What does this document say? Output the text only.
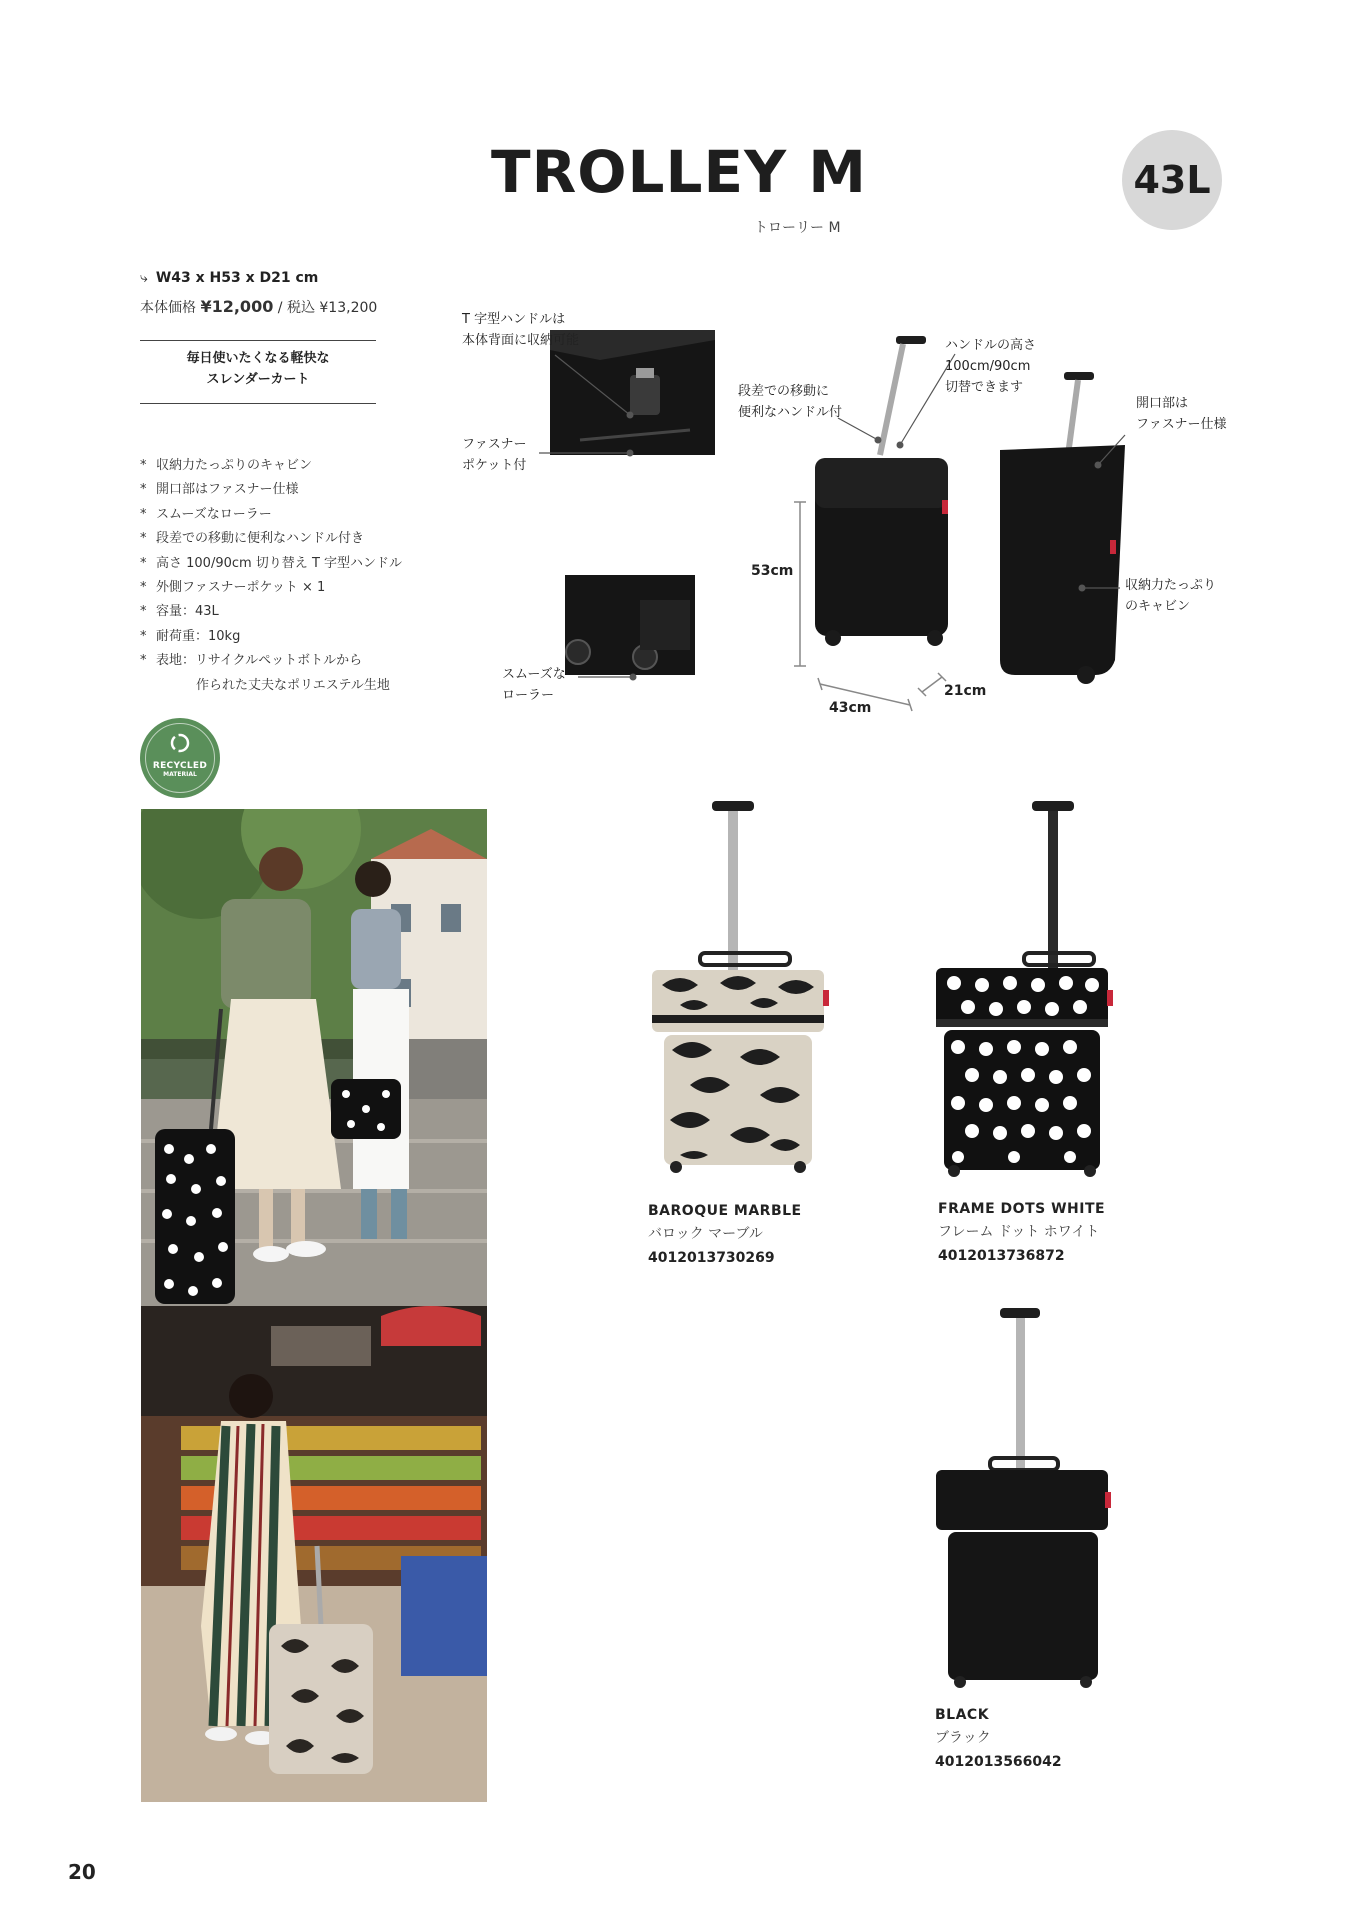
TROLLEY M
トローリー M
43L
⤷ W43 x H53 x D21 cm
本体価格 ¥12,000 / 税込 ¥13,200
毎日使いたくなる軽快な
スレンダーカート
* 収納力たっぷりのキャビン
* 開口部はファスナー仕様
* スムーズなローラー
* 段差での移動に便利なハンドル付き
* 高さ 100/90cm 切り替え T 字型ハンドル
* 外側ファスナーポケット × 1
* 容量：43L
* 耐荷重：10kg
* 表地：リサイクルペットボトルから
作られた丈夫なポリエステル生地
RECYCLED
MATERIAL
T 字型ハンドルは
本体背面に収納可能
ファスナー
ポケット付
スムーズな
ローラー
段差での移動に
便利なハンドル付
ハンドルの高さ
100cm/90cm
切替できます
開口部は
ファスナー仕様
収納力たっぷり
のキャビン
53cm
43cm
21cm
BAROQUE MARBLE
バロック マーブル
4012013730269
FRAME DOTS WHITE
フレーム ドット ホワイト
4012013736872
BLACK
ブラック
4012013566042
20
